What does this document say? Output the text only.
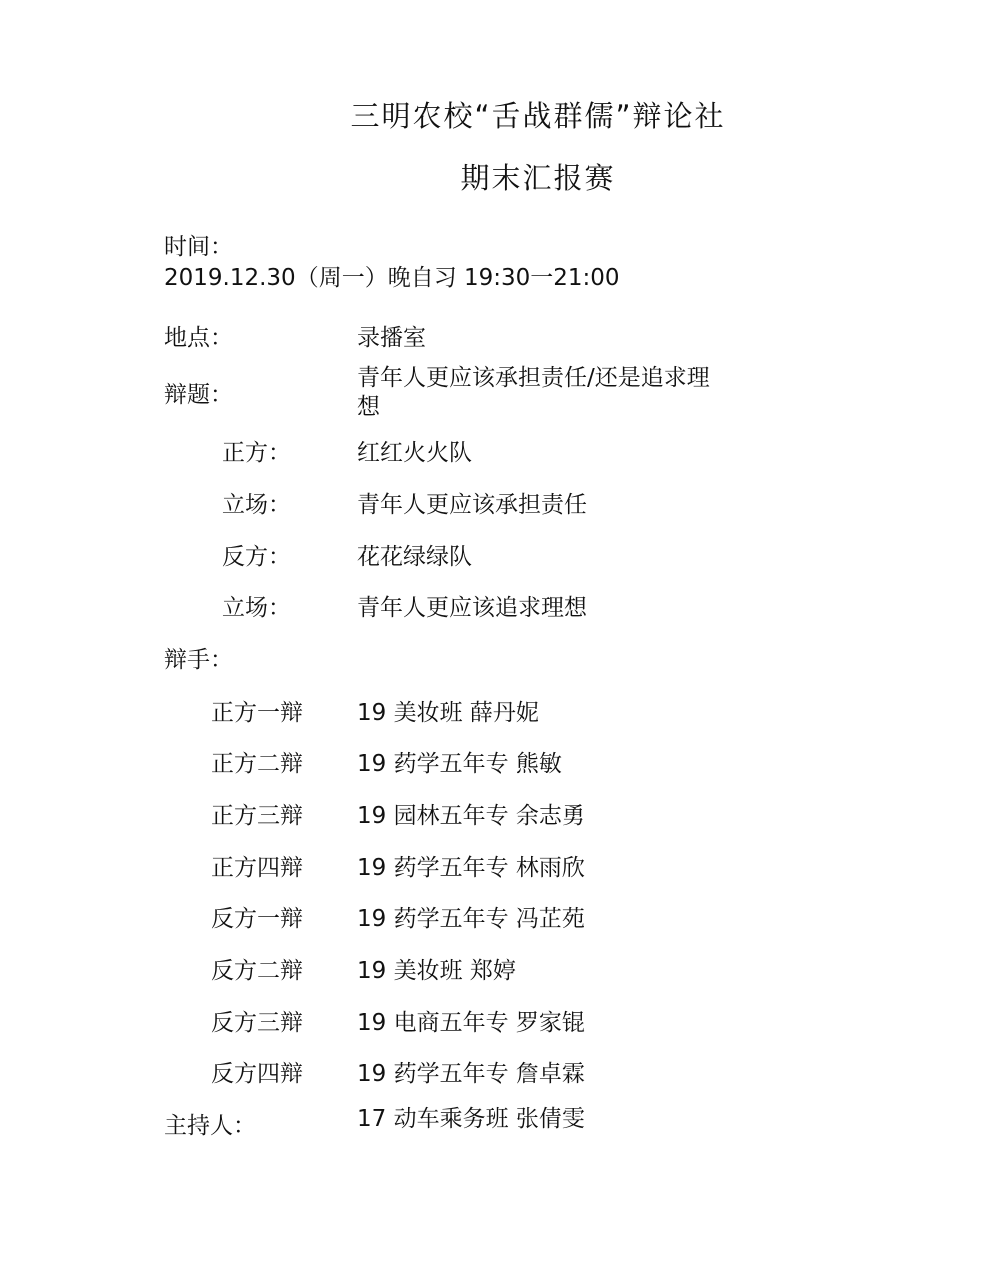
三明农校“舌战群儒”辩论社
期末汇报赛
时间：
2019.12.30（周一）晚自习 19:30一21:00
地点：	录播室
辩题：
青年人更应该承担责任/还是追求理想
正方：	红红火火队
立场：	青年人更应该承担责任
反方：	花花绿绿队
立场：	青年人更应该追求理想
辩手：
正方一辩 19 美妆班 薛丹妮
正方二辩 19 药学五年专 熊敏
正方三辩 19 园林五年专 余志勇
正方四辩 19 药学五年专 林雨欣
反方一辩 19 药学五年专 冯芷苑
反方二辩 19 美妆班 郑婷
反方三辩 19 电商五年专 罗家锟
反方四辩 19 药学五年专 詹卓霖
主持人：	17 动车乘务班 张倩雯
